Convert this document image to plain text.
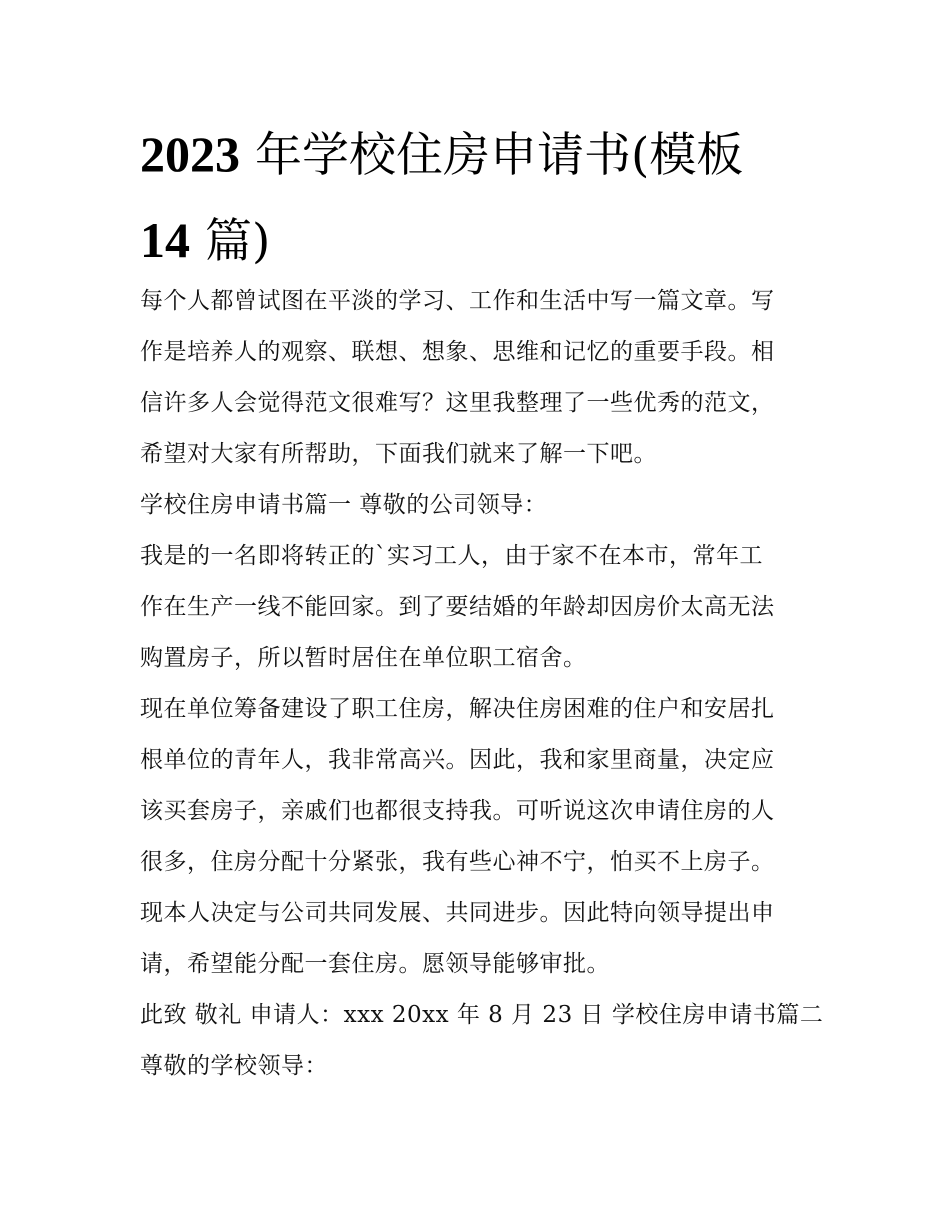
2023 年学校住房申请书(模板
14 篇)
每个人都曾试图在平淡的学习、工作和生活中写一篇文章。写
作是培养人的观察、联想、想象、思维和记忆的重要手段。相
信许多人会觉得范文很难写？这里我整理了一些优秀的范文，
希望对大家有所帮助，下面我们就来了解一下吧。
学校住房申请书篇一 尊敬的公司领导：
我是的一名即将转正的`实习工人，由于家不在本市，常年工
作在生产一线不能回家。到了要结婚的年龄却因房价太高无法
购置房子，所以暂时居住在单位职工宿舍。
现在单位筹备建设了职工住房，解决住房困难的住户和安居扎
根单位的青年人，我非常高兴。因此，我和家里商量，决定应
该买套房子，亲戚们也都很支持我。可听说这次申请住房的人
很多，住房分配十分紧张，我有些心神不宁，怕买不上房子。
现本人决定与公司共同发展、共同进步。因此特向领导提出申
请，希望能分配一套住房。愿领导能够审批。
此致 敬礼 申请人：xxx 20xx 年 8 月 23 日 学校住房申请书篇二
尊敬的学校领导：
